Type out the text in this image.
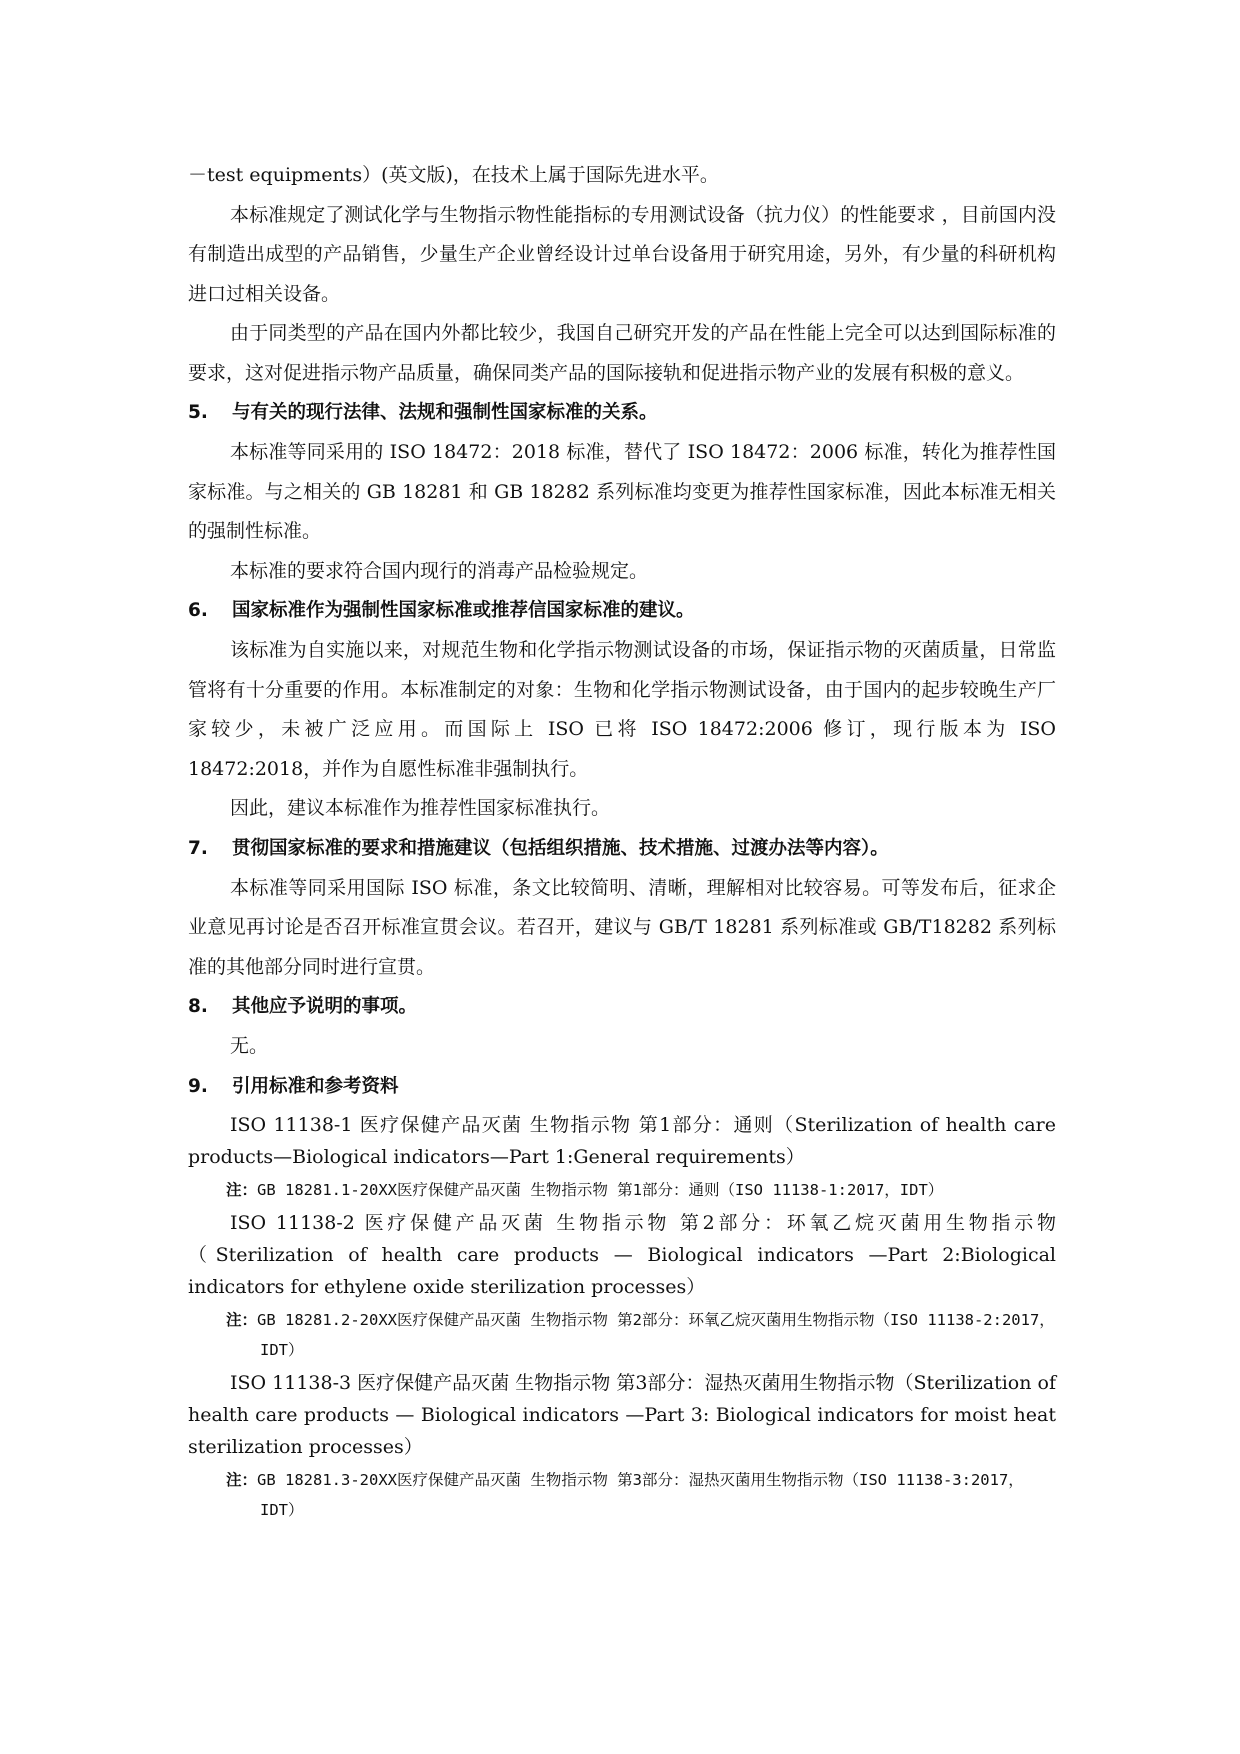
－test equipments）(英文版)，在技术上属于国际先进水平。

本标准规定了测试化学与生物指示物性能指标的专用测试设备（抗力仪）的性能要求 ，目前国内没有制造出成型的产品销售，少量生产企业曾经设计过单台设备用于研究用途，另外，有少量的科研机构进口过相关设备。

由于同类型的产品在国内外都比较少，我国自己研究开发的产品在性能上完全可以达到国际标准的要求，这对促进指示物产品质量，确保同类产品的国际接轨和促进指示物产业的发展有积极的意义。

5.	与有关的现行法律、法规和强制性国家标准的关系。

本标准等同采用的 ISO 18472：2018 标准，替代了 ISO 18472：2006 标准，转化为推荐性国家标准。与之相关的 GB 18281 和 GB 18282 系列标准均变更为推荐性国家标准，因此本标准无相关的强制性标准。

本标准的要求符合国内现行的消毒产品检验规定。

6.	国家标准作为强制性国家标准或推荐信国家标准的建议。

该标准为自实施以来，对规范生物和化学指示物测试设备的市场，保证指示物的灭菌质量，日常监管将有十分重要的作用。本标准制定的对象：生物和化学指示物测试设备，由于国内的起步较晚生产厂家较少，未被广泛应用。而国际上 ISO 已将 ISO 18472:2006 修订，现行版本为 ISO 18472:2018，并作为自愿性标准非强制执行。

因此，建议本标准作为推荐性国家标准执行。

7.	贯彻国家标准的要求和措施建议（包括组织措施、技术措施、过渡办法等内容）。

本标准等同采用国际 ISO 标准，条文比较简明、清晰，理解相对比较容易。可等发布后，征求企业意见再讨论是否召开标准宣贯会议。若召开，建议与 GB/T 18281 系列标准或 GB/T18282 系列标准的其他部分同时进行宣贯。

8.	其他应予说明的事项。

无。

9.	引用标准和参考资料

ISO 11138-1 医疗保健产品灭菌 生物指示物 第1部分：通则（Sterilization of health care products—Biological indicators—Part 1:General requirements）

注：GB 18281.1-20XX医疗保健产品灭菌 生物指示物 第1部分：通则（ISO 11138-1:2017，IDT）

ISO 11138-2 医疗保健产品灭菌 生物指示物 第2部分：环氧乙烷灭菌用生物指示物（Sterilization of health care products — Biological indicators —Part 2:Biological indicators for ethylene oxide sterilization processes）

注：GB 18281.2-20XX医疗保健产品灭菌 生物指示物 第2部分：环氧乙烷灭菌用生物指示物（ISO 11138-2:2017，IDT）

ISO 11138-3 医疗保健产品灭菌 生物指示物 第3部分：湿热灭菌用生物指示物（Sterilization of health care products — Biological indicators —Part 3: Biological indicators for moist heat sterilization processes）

注：GB 18281.3-20XX医疗保健产品灭菌 生物指示物 第3部分：湿热灭菌用生物指示物（ISO 11138-3:2017，IDT）
